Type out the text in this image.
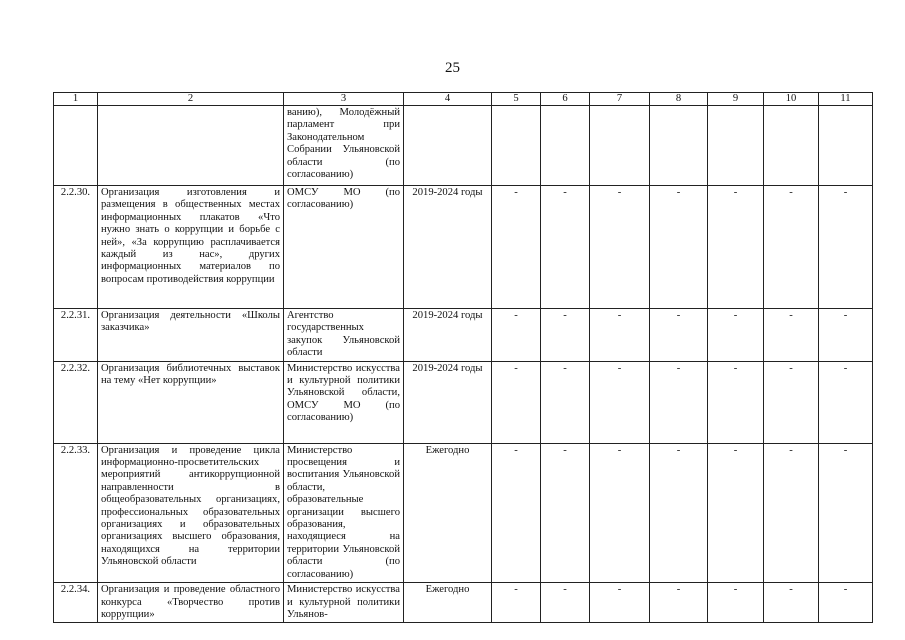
25
1	2	3	4	5	6	7	8	9	10	11
		ванию), Молодёжный парламент при Законодательном Собрании Ульяновской области (по согласованию)								
2.2.30.	Организация изготовления и размещения в общественных местах информационных плакатов «Что нужно знать о коррупции и борьбе с ней», «За коррупцию расплачивается каждый из нас», других информационных материалов по вопросам противодействия коррупции	ОМСУ МО (по согласованию)	2019-2024 годы	-	-	-	-	-	-	-
2.2.31.	Организация деятельности «Школы заказчика»	Агентство государственных закупок Ульяновской области	2019-2024 годы	-	-	-	-	-	-	-
2.2.32.	Организация библиотечных выставок на тему «Нет коррупции»	Министерство искусства и культурной политики Ульяновской области, ОМСУ МО (по согласованию)	2019-2024 годы	-	-	-	-	-	-	-
2.2.33.	Организация и проведение цикла информационно-просветительских мероприятий антикоррупционной направленности в общеобразовательных организациях, профессиональных образовательных организациях и образовательных организациях высшего образования, находящихся на территории Ульяновской области	Министерство просвещения и воспитания Ульяновской области, образовательные организации высшего образования, находящиеся на территории Ульяновской области (по согласованию)	Ежегодно	-	-	-	-	-	-	-
2.2.34.	Организация и проведение областного конкурса «Творчество против коррупции»	Министерство искусства и культурной политики Ульянов-	Ежегодно	-	-	-	-	-	-	-
